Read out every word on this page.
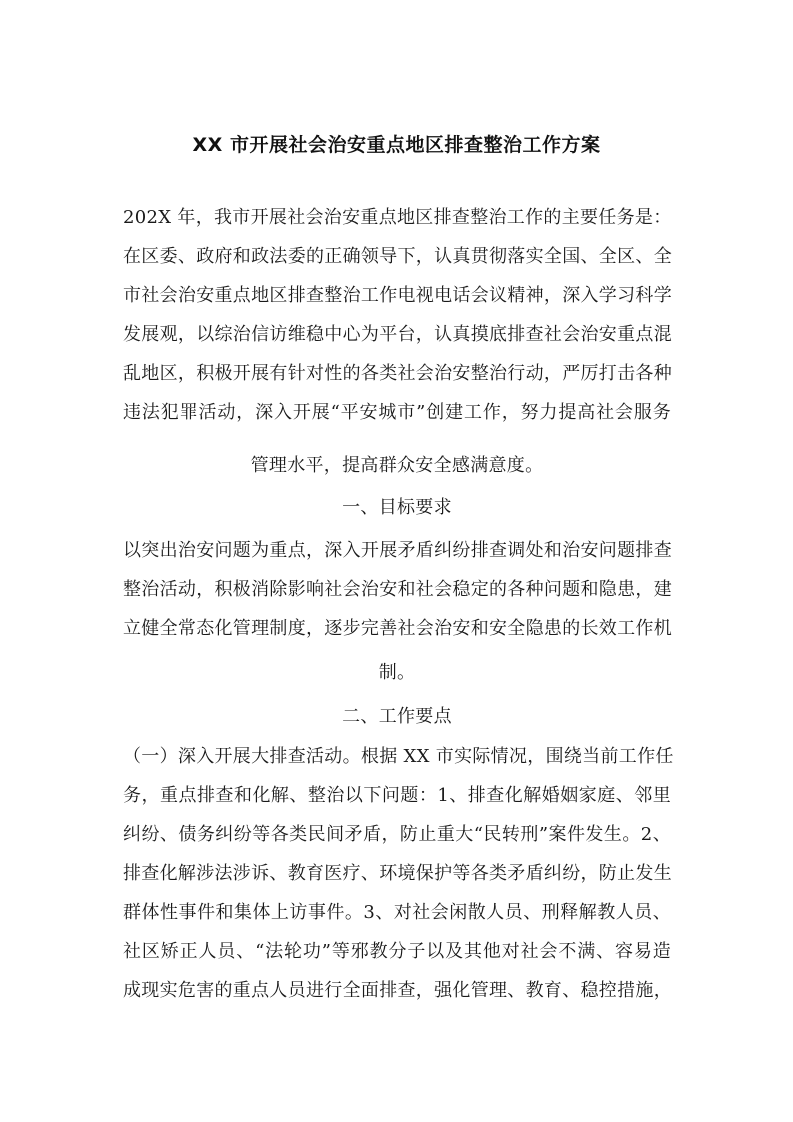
XX 市开展社会治安重点地区排查整治工作方案
202X 年，我市开展社会治安重点地区排查整治工作的主要任务是：
在区委、政府和政法委的正确领导下，认真贯彻落实全国、全区、全
市社会治安重点地区排查整治工作电视电话会议精神，深入学习科学
发展观，以综治信访维稳中心为平台，认真摸底排查社会治安重点混
乱地区，积极开展有针对性的各类社会治安整治行动，严厉打击各种
违法犯罪活动，深入开展“平安城市”创建工作，努力提高社会服务
管理水平，提高群众安全感满意度。
一、目标要求
以突出治安问题为重点，深入开展矛盾纠纷排查调处和治安问题排查
整治活动，积极消除影响社会治安和社会稳定的各种问题和隐患，建
立健全常态化管理制度，逐步完善社会治安和安全隐患的长效工作机
制。
二、工作要点
（一）深入开展大排查活动。根据 XX 市实际情况，围绕当前工作任
务，重点排查和化解、整治以下问题：1、排查化解婚姻家庭、邻里
纠纷、债务纠纷等各类民间矛盾，防止重大“民转刑”案件发生。2、
排查化解涉法涉诉、教育医疗、环境保护等各类矛盾纠纷，防止发生
群体性事件和集体上访事件。3、对社会闲散人员、刑释解教人员、
社区矫正人员、“法轮功”等邪教分子以及其他对社会不满、容易造
成现实危害的重点人员进行全面排查，强化管理、教育、稳控措施，
